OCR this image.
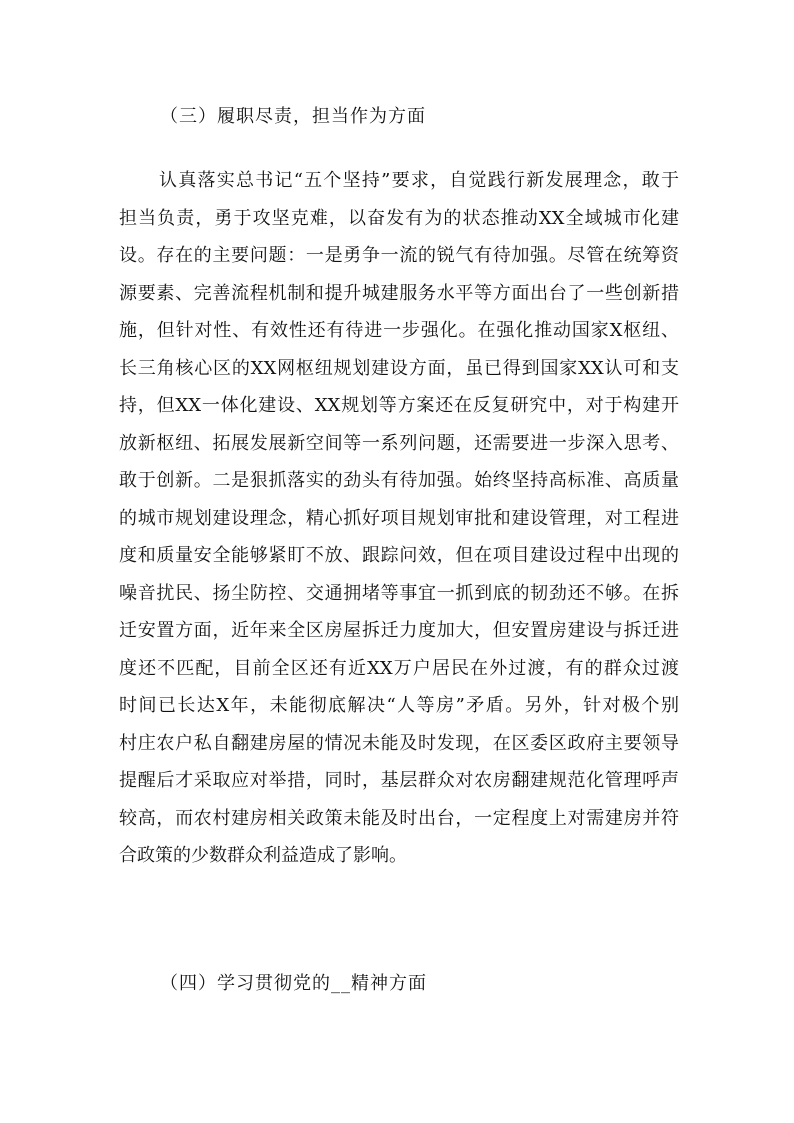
（三）履职尽责，担当作为方面
认真落实总书记“五个坚持”要求，自觉践行新发展理念，敢于
担当负责，勇于攻坚克难，以奋发有为的状态推动XX全域城市化建
设。存在的主要问题：一是勇争一流的锐气有待加强。尽管在统筹资
源要素、完善流程机制和提升城建服务水平等方面出台了一些创新措
施，但针对性、有效性还有待进一步强化。在强化推动国家X枢纽、
长三角核心区的XX网枢纽规划建设方面，虽已得到国家XX认可和支
持，但XX一体化建设、XX规划等方案还在反复研究中，对于构建开
放新枢纽、拓展发展新空间等一系列问题，还需要进一步深入思考、
敢于创新。二是狠抓落实的劲头有待加强。始终坚持高标准、高质量
的城市规划建设理念，精心抓好项目规划审批和建设管理，对工程进
度和质量安全能够紧盯不放、跟踪问效，但在项目建设过程中出现的
噪音扰民、扬尘防控、交通拥堵等事宜一抓到底的韧劲还不够。在拆
迁安置方面，近年来全区房屋拆迁力度加大，但安置房建设与拆迁进
度还不匹配，目前全区还有近XX万户居民在外过渡，有的群众过渡
时间已长达X年，未能彻底解决“人等房”矛盾。另外，针对极个别
村庄农户私自翻建房屋的情况未能及时发现，在区委区政府主要领导
提醒后才采取应对举措，同时，基层群众对农房翻建规范化管理呼声
较高，而农村建房相关政策未能及时出台，一定程度上对需建房并符
合政策的少数群众利益造成了影响。
（四）学习贯彻党的__精神方面
